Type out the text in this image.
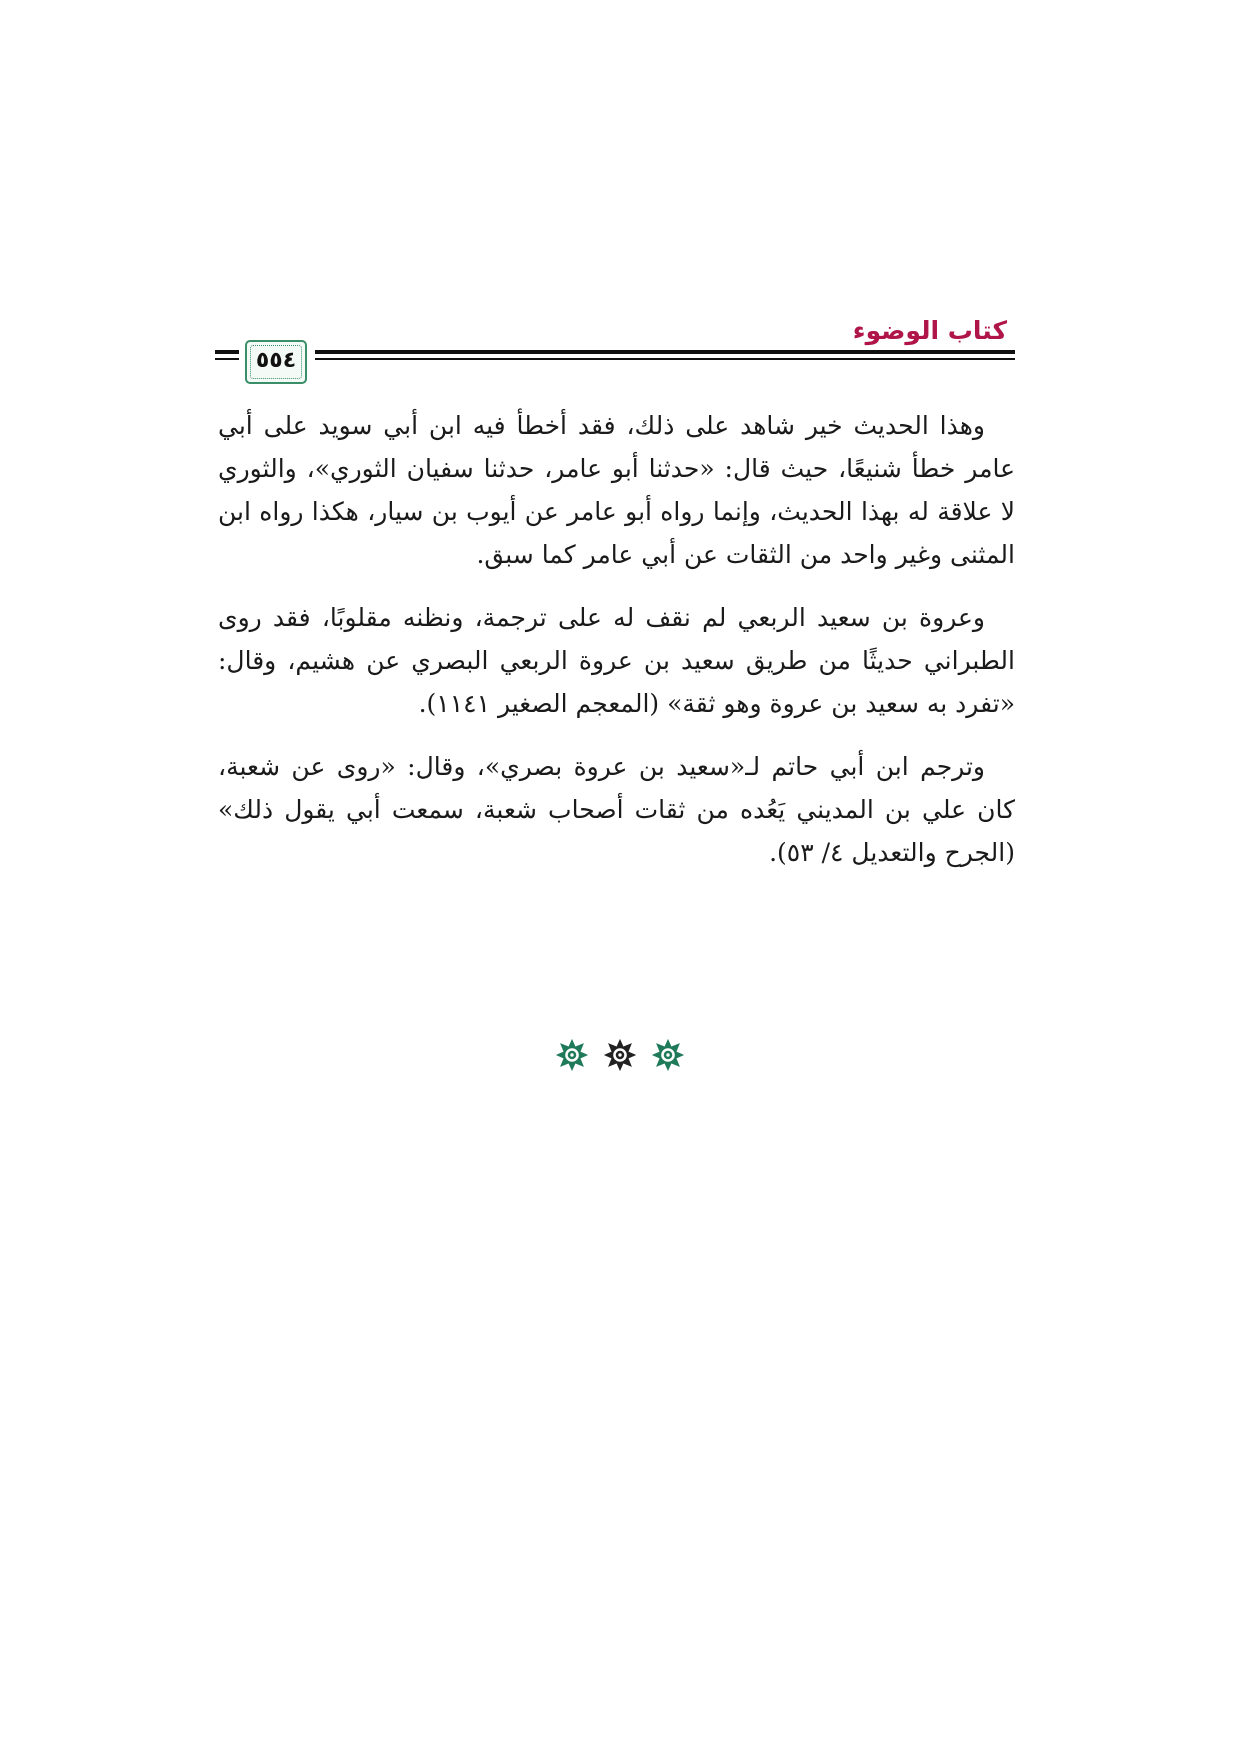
كتاب الوضوء
٥٥٤

وهذا الحديث خير شاهد على ذلك، فقد أخطأ فيه ابن أبي سويد على أبي عامر خطأ شنيعًا، حيث قال: «حدثنا أبو عامر، حدثنا سفيان الثوري»، والثوري لا علاقة له بهذا الحديث، وإنما رواه أبو عامر عن أيوب بن سيار، هكذا رواه ابن المثنى وغير واحد من الثقات عن أبي عامر كما سبق.

وعروة بن سعيد الربعي لم نقف له على ترجمة، ونظنه مقلوبًا، فقد روى الطبراني حديثًا من طريق سعيد بن عروة الربعي البصري عن هشيم، وقال: «تفرد به سعيد بن عروة وهو ثقة» (المعجم الصغير ١١٤١).

وترجم ابن أبي حاتم لـ«سعيد بن عروة بصري»، وقال: «روى عن شعبة، كان علي بن المديني يَعُده من ثقات أصحاب شعبة، سمعت أبي يقول ذلك» (الجرح والتعديل ٤/ ٥٣).
